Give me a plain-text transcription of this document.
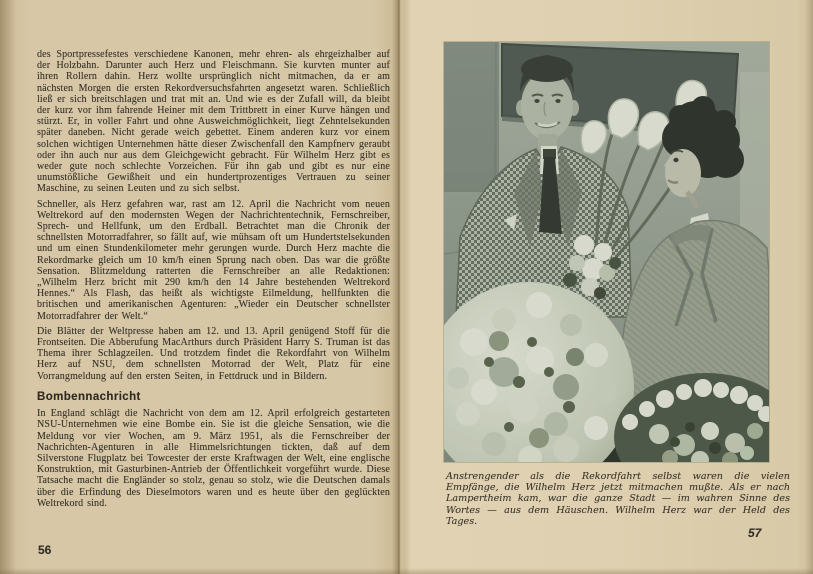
des Sportpressefestes verschiedene Kanonen, mehr ehren- als ehrgeizhalber auf der Holzbahn. Darunter auch Herz und Fleischmann. Sie kurvten munter auf ihren Rollern dahin. Herz wollte ursprünglich nicht mitmachen, da er am nächsten Morgen die ersten Rekordversuchsfahrten angesetzt waren. Schließlich ließ er sich breitschlagen und trat mit an. Und wie es der Zufall will, da bleibt der kurz vor ihm fahrende Heiner mit dem Trittbrett in einer Kurve hängen und stürzt. Er, in voller Fahrt und ohne Ausweichmöglichkeit, liegt Zehntelsekunden später daneben. Nicht gerade weich gebettet. Einem anderen kurz vor einem solchen wichtigen Unternehmen hätte dieser Zwischenfall den Kampfnerv geraubt oder ihn auch nur aus dem Gleichgewicht gebracht. Für Wilhelm Herz gibt es weder gute noch schlechte Vorzeichen. Für ihn gab und gibt es nur eine unumstößliche Gewißheit und ein hundertprozentiges Vertrauen zu seiner Maschine, zu seinen Leuten und zu sich selbst.

Schneller, als Herz gefahren war, rast am 12. April die Nachricht vom neuen Weltrekord auf den modernsten Wegen der Nachrichtentechnik, Fernschreiber, Sprech- und Hellfunk, um den Erdball. Betrachtet man die Chronik der schnellsten Motorradfahrer, so fällt auf, wie mühsam oft um Hundertstelsekunden und um einen Stundenkilometer mehr gerungen wurde. Durch Herz machte die Rekordmarke gleich um 10 km/h einen Sprung nach oben. Das war die größte Sensation. Blitzmeldung ratterten die Fernschreiber an alle Redaktionen: „Wilhelm Herz bricht mit 290 km/h den 14 Jahre bestehenden Weltrekord Hennes.“ Als Flash, das heißt als wichtigste Eilmeldung, hellfunkten die britischen und amerikanischen Agenturen: „Wieder ein Deutscher schnellster Motorradfahrer der Welt.“

Die Blätter der Weltpresse haben am 12. und 13. April genügend Stoff für die Frontseiten. Die Abberufung MacArthurs durch Präsident Harry S. Truman ist das Thema ihrer Schlagzeilen. Und trotzdem findet die Rekordfahrt von Wilhelm Herz auf NSU, dem schnellsten Motorrad der Welt, Platz für eine Vorrangmeldung auf den ersten Seiten, in Fettdruck und in Bildern.

Bombennachricht

In England schlägt die Nachricht von dem am 12. April erfolgreich gestarteten NSU-Unternehmen wie eine Bombe ein. Sie ist die gleiche Sensation, wie die Meldung vor vier Wochen, am 9. März 1951, als die Fernschreiber der Nachrichten-Agenturen in alle Himmelsrichtungen tickten, daß auf dem Silverstone Flugplatz bei Towcester der erste Kraftwagen der Welt, eine englische Konstruktion, mit Gasturbinen-Antrieb der Öffentlichkeit vorgeführt wurde. Diese Tatsache macht die Engländer so stolz, genau so stolz, wie die Deutschen damals über die Erfindung des Dieselmotors waren und es heute über den geglückten Weltrekord sind.

56
Anstrengender als die Rekordfahrt selbst waren die vielen Empfänge, die Wilhelm Herz jetzt mitmachen mußte. Als er nach Lampertheim kam, war die ganze Stadt — im wahren Sinne des Wortes — aus dem Häuschen. Wilhelm Herz war der Held des Tages.
57
